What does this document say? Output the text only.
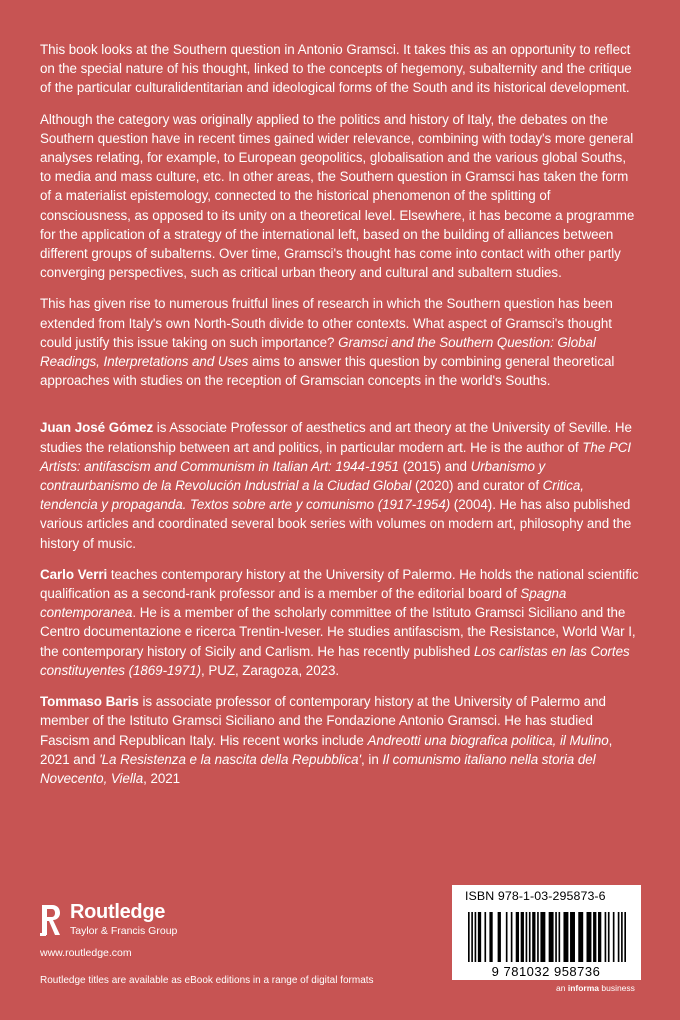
This book looks at the Southern question in Antonio Gramsci. It takes this as an opportunity to reflect on the special nature of his thought, linked to the concepts of hegemony, subalternity and the critique of the particular culturalidentitarian and ideological forms of the South and its historical development.

Although the category was originally applied to the politics and history of Italy, the debates on the Southern question have in recent times gained wider relevance, combining with today's more general analyses relating, for example, to European geopolitics, globalisation and the various global Souths, to media and mass culture, etc. In other areas, the Southern question in Gramsci has taken the form of a materialist epistemology, connected to the historical phenomenon of the splitting of consciousness, as opposed to its unity on a theoretical level. Elsewhere, it has become a programme for the application of a strategy of the international left, based on the building of alliances between different groups of subalterns. Over time, Gramsci's thought has come into contact with other partly converging perspectives, such as critical urban theory and cultural and subaltern studies.

This has given rise to numerous fruitful lines of research in which the Southern question has been extended from Italy's own North-South divide to other contexts. What aspect of Gramsci's thought could justify this issue taking on such importance? Gramsci and the Southern Question: Global Readings, Interpretations and Uses aims to answer this question by combining general theoretical approaches with studies on the reception of Gramscian concepts in the world's Souths.

Juan José Gómez is Associate Professor of aesthetics and art theory at the University of Seville. He studies the relationship between art and politics, in particular modern art. He is the author of The PCI Artists: antifascism and Communism in Italian Art: 1944-1951 (2015) and Urbanismo y contraurbanismo de la Revolución Industrial a la Ciudad Global (2020) and curator of Critica, tendencia y propaganda. Textos sobre arte y comunismo (1917-1954) (2004). He has also published various articles and coordinated several book series with volumes on modern art, philosophy and the history of music.

Carlo Verri teaches contemporary history at the University of Palermo. He holds the national scientific qualification as a second-rank professor and is a member of the editorial board of Spagna contemporanea. He is a member of the scholarly committee of the Istituto Gramsci Siciliano and the Centro documentazione e ricerca Trentin-Iveser. He studies antifascism, the Resistance, World War I, the contemporary history of Sicily and Carlism. He has recently published Los carlistas en las Cortes constituyentes (1869-1971), PUZ, Zaragoza, 2023.

Tommaso Baris is associate professor of contemporary history at the University of Palermo and member of the Istituto Gramsci Siciliano and the Fondazione Antonio Gramsci. He has studied Fascism and Republican Italy. His recent works include Andreotti una biografica politica, il Mulino, 2021 and 'La Resistenza e la nascita della Repubblica', in Il comunismo italiano nella storia del Novecento, Viella, 2021

Routledge
Taylor & Francis Group
www.routledge.com
Routledge titles are available as eBook editions in a range of digital formats
ISBN 978-1-03-295873-6
9 781032 958736
an informa business
